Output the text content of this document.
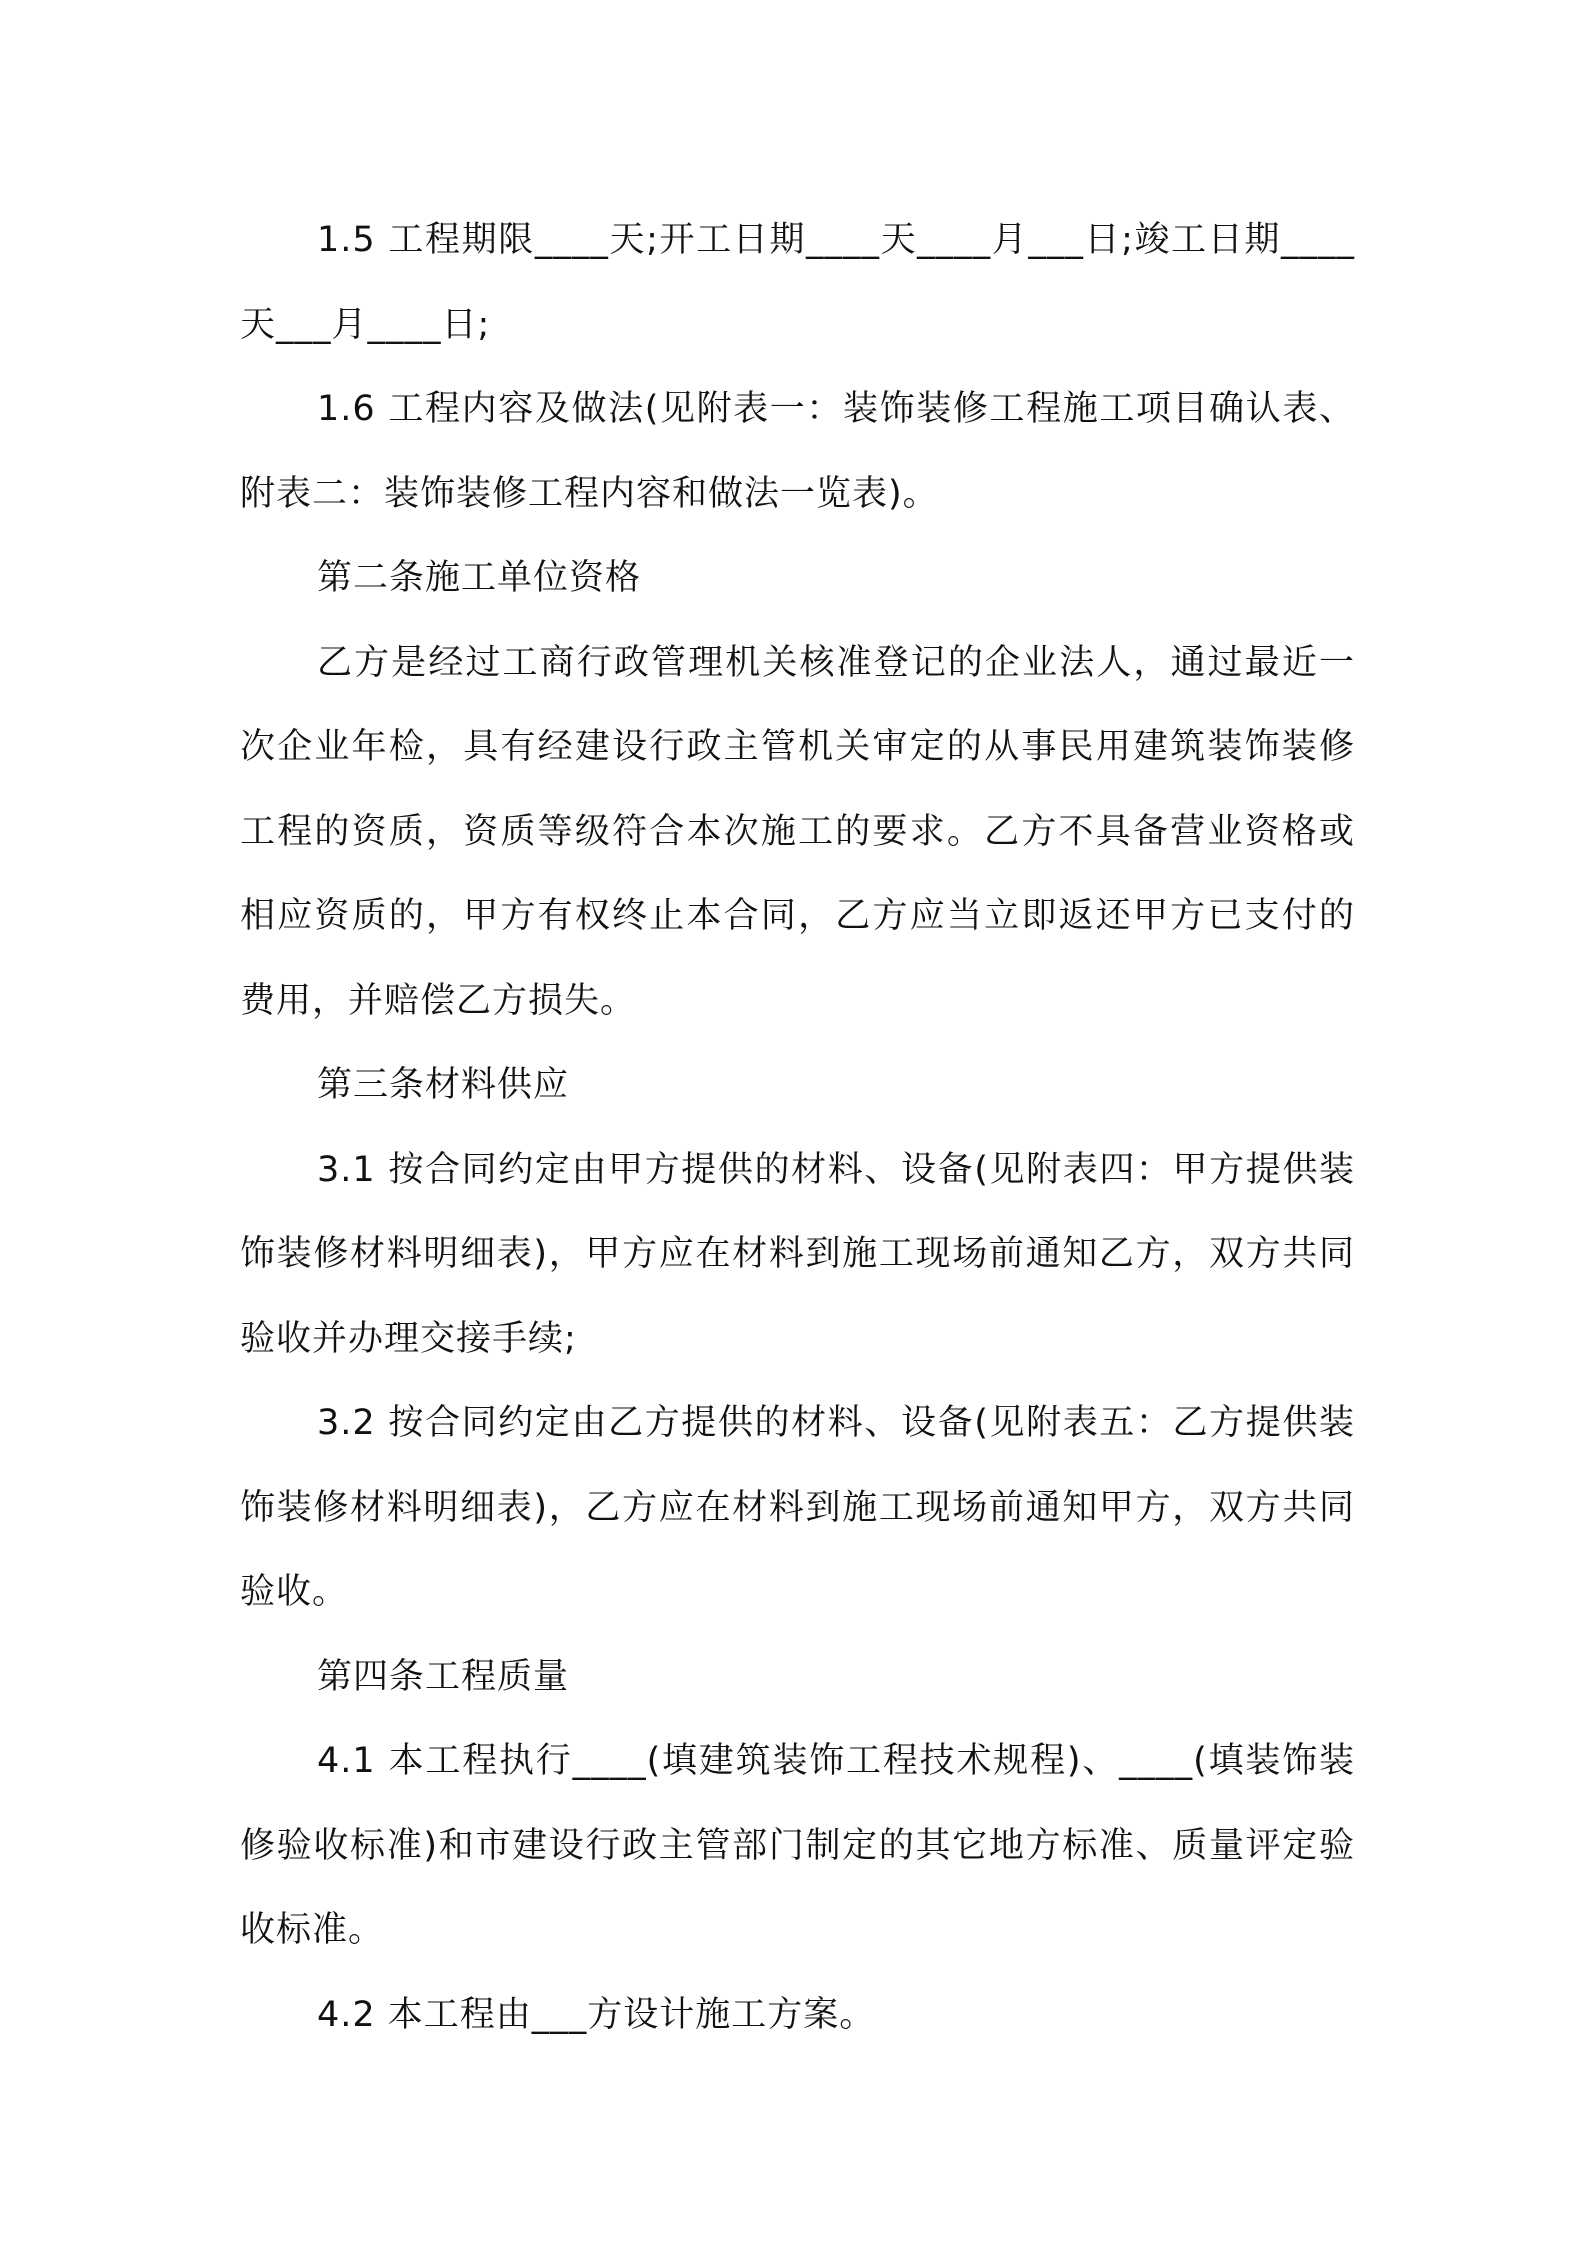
1.5 工程期限____天;开工日期____天____月___日;竣工日期____天___月____日;

1.6 工程内容及做法(见附表一：装饰装修工程施工项目确认表、附表二：装饰装修工程内容和做法一览表)。

第二条施工单位资格

乙方是经过工商行政管理机关核准登记的企业法人，通过最近一次企业年检，具有经建设行政主管机关审定的从事民用建筑装饰装修工程的资质，资质等级符合本次施工的要求。乙方不具备营业资格或相应资质的，甲方有权终止本合同，乙方应当立即返还甲方已支付的费用，并赔偿乙方损失。

第三条材料供应

3.1 按合同约定由甲方提供的材料、设备(见附表四：甲方提供装饰装修材料明细表)，甲方应在材料到施工现场前通知乙方，双方共同验收并办理交接手续;

3.2 按合同约定由乙方提供的材料、设备(见附表五：乙方提供装饰装修材料明细表)，乙方应在材料到施工现场前通知甲方，双方共同验收。

第四条工程质量

4.1 本工程执行____(填建筑装饰工程技术规程)、____(填装饰装修验收标准)和市建设行政主管部门制定的其它地方标准、质量评定验收标准。

4.2 本工程由___方设计施工方案。
